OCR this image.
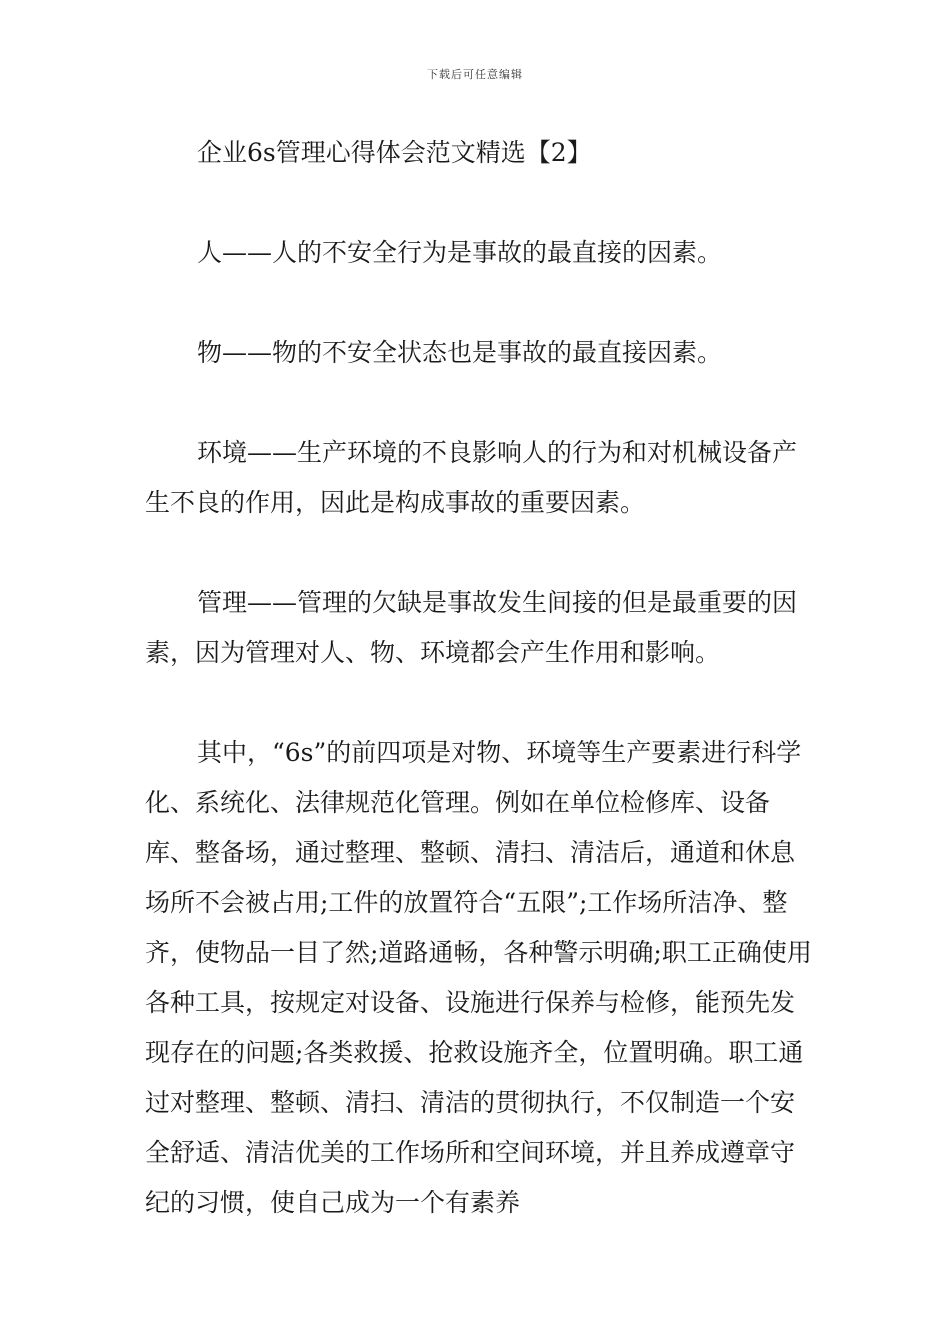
下载后可任意编辑

企业6s管理心得体会范文精选【2】

人——人的不安全行为是事故的最直接的因素。

物——物的不安全状态也是事故的最直接因素。

环境——生产环境的不良影响人的行为和对机械设备产生不良的作用，因此是构成事故的重要因素。

管理——管理的欠缺是事故发生间接的但是最重要的因素，因为管理对人、物、环境都会产生作用和影响。

其中，“6s”的前四项是对物、环境等生产要素进行科学化、系统化、法律规范化管理。例如在单位检修库、设备库、整备场，通过整理、整顿、清扫、清洁后，通道和休息场所不会被占用;工件的放置符合“五限”;工作场所洁净、整齐，使物品一目了然;道路通畅，各种警示明确;职工正确使用各种工具，按规定对设备、设施进行保养与检修，能预先发现存在的问题;各类救援、抢救设施齐全，位置明确。职工通过对整理、整顿、清扫、清洁的贯彻执行，不仅制造一个安全舒适、清洁优美的工作场所和空间环境，并且养成遵章守纪的习惯，使自己成为一个有素养
